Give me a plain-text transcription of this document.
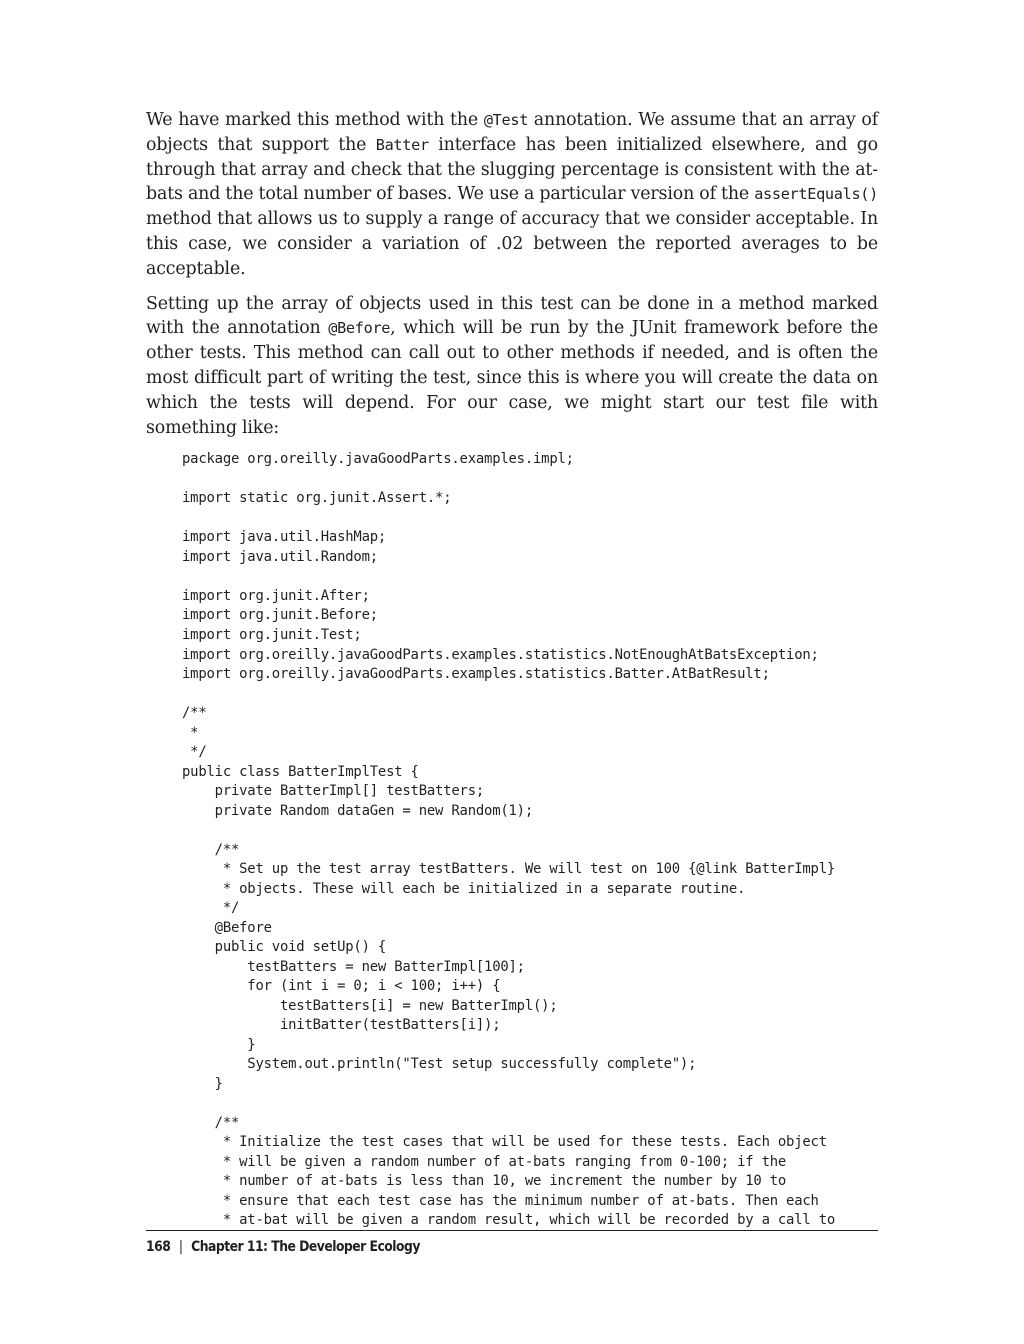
We have marked this method with the @Test annotation. We assume that an array of objects that support the Batter interface has been initialized elsewhere, and go through that array and check that the slugging percentage is consistent with the at-bats and the total number of bases. We use a particular version of the assertEquals() method that allows us to supply a range of accuracy that we consider acceptable. In this case, we consider a variation of .02 between the reported averages to be acceptable.

Setting up the array of objects used in this test can be done in a method marked with the annotation @Before, which will be run by the JUnit framework before the other tests. This method can call out to other methods if needed, and is often the most difficult part of writing the test, since this is where you will create the data on which the tests will depend. For our case, we might start our test file with something like:

package org.oreilly.javaGoodParts.examples.impl;
import static org.junit.Assert.*;
import java.util.HashMap;
import java.util.Random;
import org.junit.After;
import org.junit.Before;
import org.junit.Test;
import org.oreilly.javaGoodParts.examples.statistics.NotEnoughAtBatsException;
import org.oreilly.javaGoodParts.examples.statistics.Batter.AtBatResult;
/**
*
*/
public class BatterImplTest {
private BatterImpl[] testBatters;
private Random dataGen = new Random(1);
/**
* Set up the test array testBatters. We will test on 100 {@link BatterImpl}
* objects. These will each be initialized in a separate routine.
*/
@Before
public void setUp() {
testBatters = new BatterImpl[100];
for (int i = 0; i < 100; i++) {
testBatters[i] = new BatterImpl();
initBatter(testBatters[i]);
}
System.out.println("Test setup successfully complete");
}
/**
* Initialize the test cases that will be used for these tests. Each object
* will be given a random number of at-bats ranging from 0-100; if the
* number of at-bats is less than 10, we increment the number by 10 to
* ensure that each test case has the minimum number of at-bats. Then each
* at-bat will be given a random result, which will be recorded by a call to
168 | Chapter 11: The Developer Ecology
